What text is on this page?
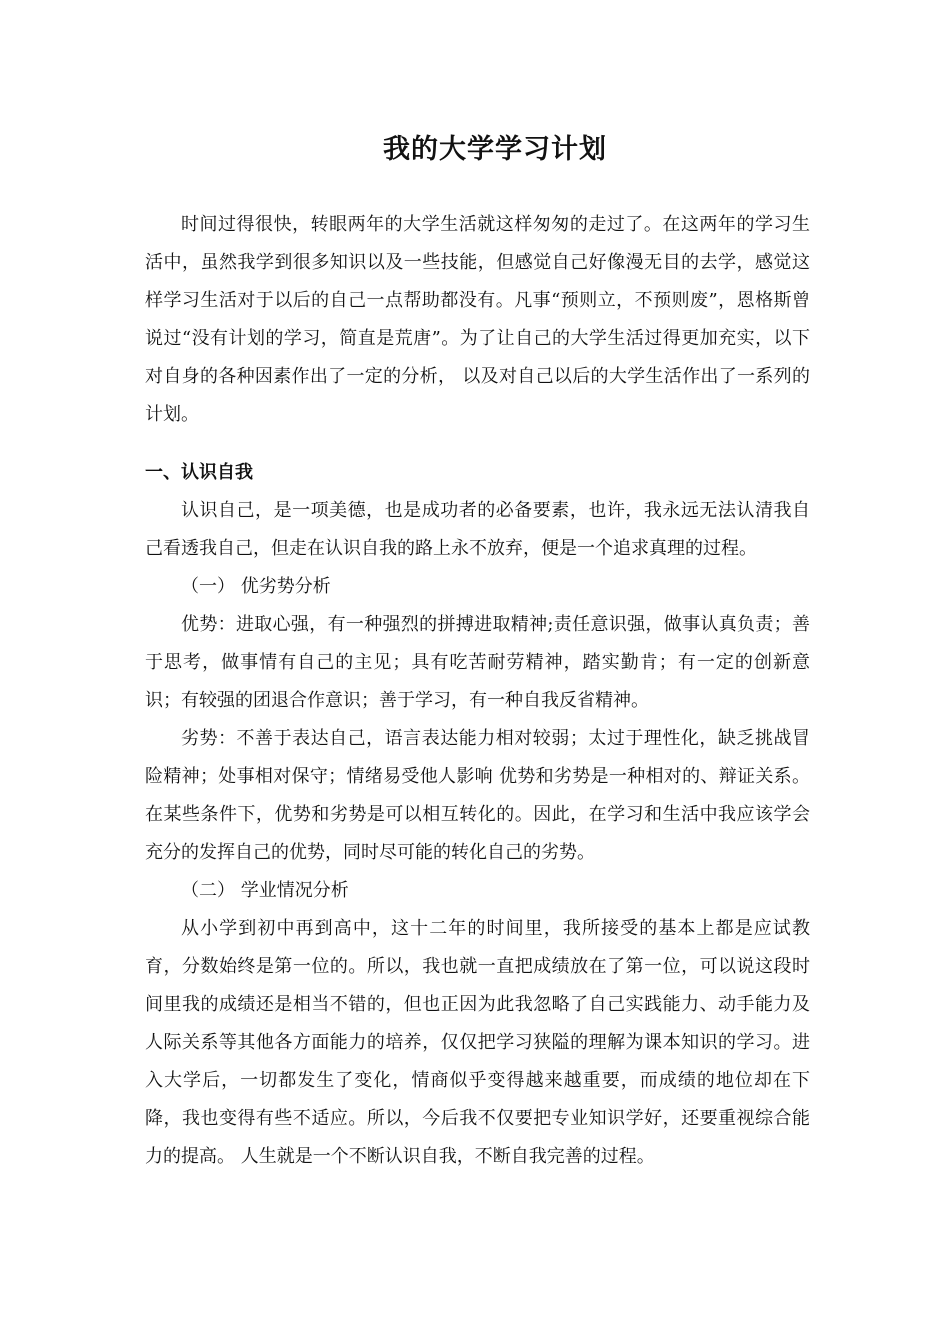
我的大学学习计划

时间过得很快，转眼两年的大学生活就这样匆匆的走过了。在这两年的学习生活中，虽然我学到很多知识以及一些技能，但感觉自己好像漫无目的去学，感觉这样学习生活对于以后的自己一点帮助都没有。凡事“预则立，不预则废”，恩格斯曾说过“没有计划的学习，简直是荒唐”。为了让自己的大学生活过得更加充实，以下对自身的各种因素作出了一定的分析， 以及对自己以后的大学生活作出了一系列的计划。

一、认识自我

认识自己，是一项美德，也是成功者的必备要素，也许，我永远无法认清我自己看透我自己，但走在认识自我的路上永不放弃，便是一个追求真理的过程。

（一） 优劣势分析

优势：进取心强，有一种强烈的拼搏进取精神;责任意识强，做事认真负责；善于思考，做事情有自己的主见；具有吃苦耐劳精神，踏实勤肯；有一定的创新意识；有较强的团退合作意识；善于学习，有一种自我反省精神。

劣势：不善于表达自己，语言表达能力相对较弱；太过于理性化，缺乏挑战冒险精神；处事相对保守；情绪易受他人影响 优势和劣势是一种相对的、辩证关系。在某些条件下，优势和劣势是可以相互转化的。因此，在学习和生活中我应该学会充分的发挥自己的优势，同时尽可能的转化自己的劣势。

（二） 学业情况分析

从小学到初中再到高中，这十二年的时间里，我所接受的基本上都是应试教育，分数始终是第一位的。所以，我也就一直把成绩放在了第一位，可以说这段时间里我的成绩还是相当不错的，但也正因为此我忽略了自己实践能力、动手能力及人际关系等其他各方面能力的培养，仅仅把学习狭隘的理解为课本知识的学习。进入大学后，一切都发生了变化，情商似乎变得越来越重要，而成绩的地位却在下降，我也变得有些不适应。所以，今后我不仅要把专业知识学好，还要重视综合能力的提高。 人生就是一个不断认识自我，不断自我完善的过程。
